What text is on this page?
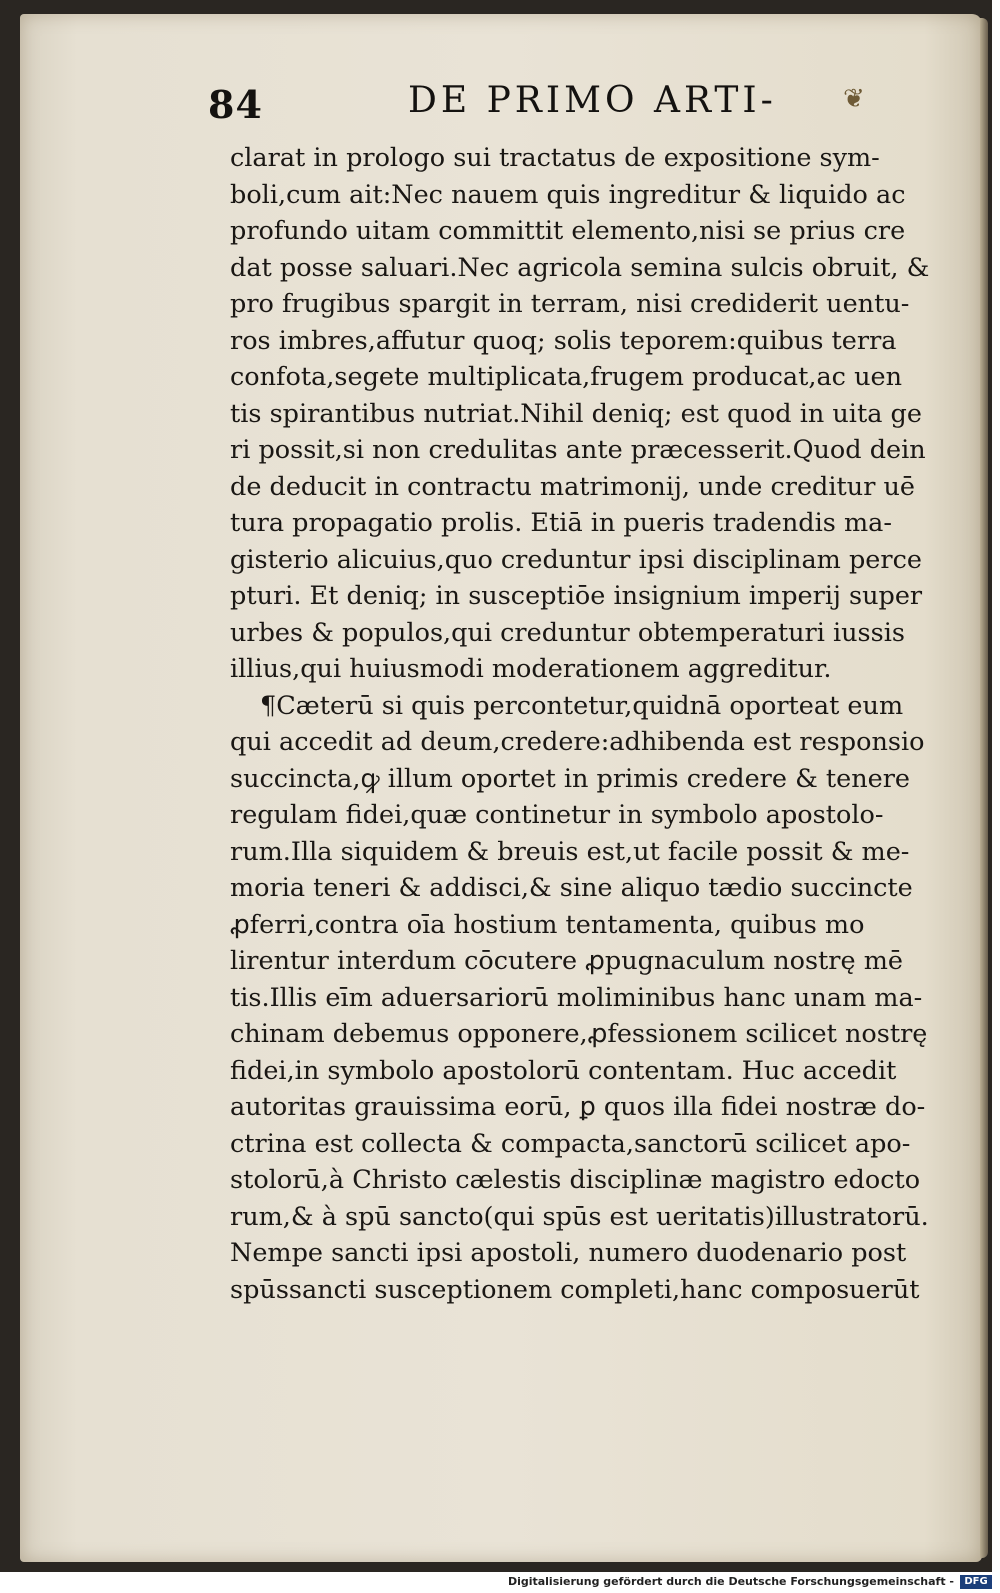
84	DE PRIMO ARTI-	❦
clarat in prologo sui tractatus de expositione sym-
boli,cum ait:Nec nauem quis ingreditur & liquido ac
profundo uitam committit elemento,nisi se prius cre
dat posse saluari.Nec agricola semina sulcis obruit, &
pro frugibus spargit in terram, nisi crediderit uentu-
ros imbres,affutur quoq; solis teporem:quibus terra
confota,segete multiplicata,frugem producat,ac uen
tis spirantibus nutriat.Nihil deniq; est quod in uita ge
ri possit,si non credulitas ante præcesserit.Quod dein
de deducit in contractu matrimonij, unde creditur uē
tura propagatio prolis. Etiā in pueris tradendis ma-
gisterio alicuius,quo creduntur ipsi disciplinam perce
pturi. Et deniq; in susceptiōe insignium imperij super
urbes & populos,qui creduntur obtemperaturi iussis
illius,qui huiusmodi moderationem aggreditur.
¶Cæterū si quis percontetur,quidnā oporteat eum
qui accedit ad deum,credere:adhibenda est responsio
succincta,ꝙ illum oportet in primis credere & tenere
regulam fidei,quæ continetur in symbolo apostolo-
rum.Illa siquidem & breuis est,ut facile possit & me-
moria teneri & addisci,& sine aliquo tædio succincte
ꝓferri,contra oīa hostium tentamenta, quibus mo
lirentur interdum cōcutere ꝓpugnaculum nostrę mē
tis.Illis eīm aduersariorū moliminibus hanc unam ma-
chinam debemus opponere,ꝓfessionem scilicet nostrę
fidei,in symbolo apostolorū contentam. Huc accedit
autoritas grauissima eorū, ꝑ quos illa fidei nostræ do-
ctrina est collecta & compacta,sanctorū scilicet apo-
stolorū,à Christo cælestis disciplinæ magistro edocto
rum,& à spū sancto(qui spūs est ueritatis)illustratorū.
Nempe sancti ipsi apostoli, numero duodenario post
spūssancti susceptionem completi,hanc composuerūt
Digitalisierung gefördert durch die Deutsche Forschungsgemeinschaft -	DFG
